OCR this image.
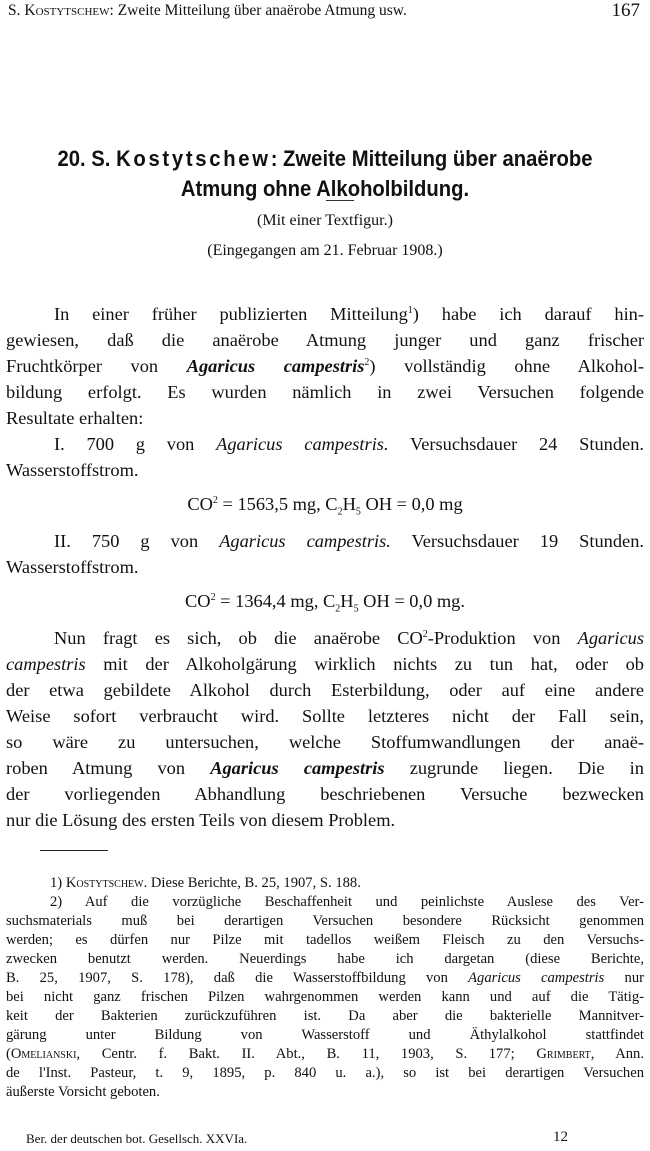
S. Kostytschew: Zweite Mitteilung über anaërobe Atmung usw.	167
20. S. Kostytschew: Zweite Mitteilung über anaërobe
Atmung ohne Alkoholbildung.
(Mit einer Textfigur.)
(Eingegangen am 21. Februar 1908.)
In einer früher publizierten Mitteilung$^1$) habe ich darauf hin-
gewiesen, daß die anaërobe Atmung junger und ganz frischer
Fruchtkörper von Agaricus campestris$^2$) vollständig ohne Alkohol-
bildung erfolgt. Es wurden nämlich in zwei Versuchen folgende
Resultate erhalten:
I. 700 g von Agaricus campestris. Versuchsdauer 24 Stunden.
Wasserstoffstrom.
$CO^2 = 1563,5$ mg, $C_2H_5$ OH = 0,0 mg
II. 750 g von Agaricus campestris. Versuchsdauer 19 Stunden.
Wasserstoffstrom.
$CO^2 = 1364,4$ mg, $C_2H_5$ OH = 0,0 mg.
Nun fragt es sich, ob die anaërobe $CO^2$-Produktion von Agaricus
campestris mit der Alkoholgärung wirklich nichts zu tun hat, oder ob
der etwa gebildete Alkohol durch Esterbildung, oder auf eine andere
Weise sofort verbraucht wird. Sollte letzteres nicht der Fall sein,
so wäre zu untersuchen, welche Stoffumwandlungen der anaë-
roben Atmung von Agaricus campestris zugrunde liegen. Die in
der vorliegenden Abhandlung beschriebenen Versuche bezwecken
nur die Lösung des ersten Teils von diesem Problem.
1) Kostytschew. Diese Berichte, B. 25, 1907, S. 188.
2) Auf die vorzügliche Beschaffenheit und peinlichste Auslese des Ver-
suchsmaterials muß bei derartigen Versuchen besondere Rücksicht genommen
werden; es dürfen nur Pilze mit tadellos weißem Fleisch zu den Versuchs-
zwecken benutzt werden. Neuerdings habe ich dargetan (diese Berichte,
B. 25, 1907, S. 178), daß die Wasserstoffbildung von Agaricus campestris nur
bei nicht ganz frischen Pilzen wahrgenommen werden kann und auf die Tätig-
keit der Bakterien zurückzuführen ist. Da aber die bakterielle Mannitver-
gärung unter Bildung von Wasserstoff und Äthylalkohol stattfindet
(Omelianski, Centr. f. Bakt. II. Abt., B. 11, 1903, S. 177; Grimbert, Ann.
de l'Inst. Pasteur, t. 9, 1895, p. 840 u. a.), so ist bei derartigen Versuchen
äußerste Vorsicht geboten.
Ber. der deutschen bot. Gesellsch. XXVIa.	12
